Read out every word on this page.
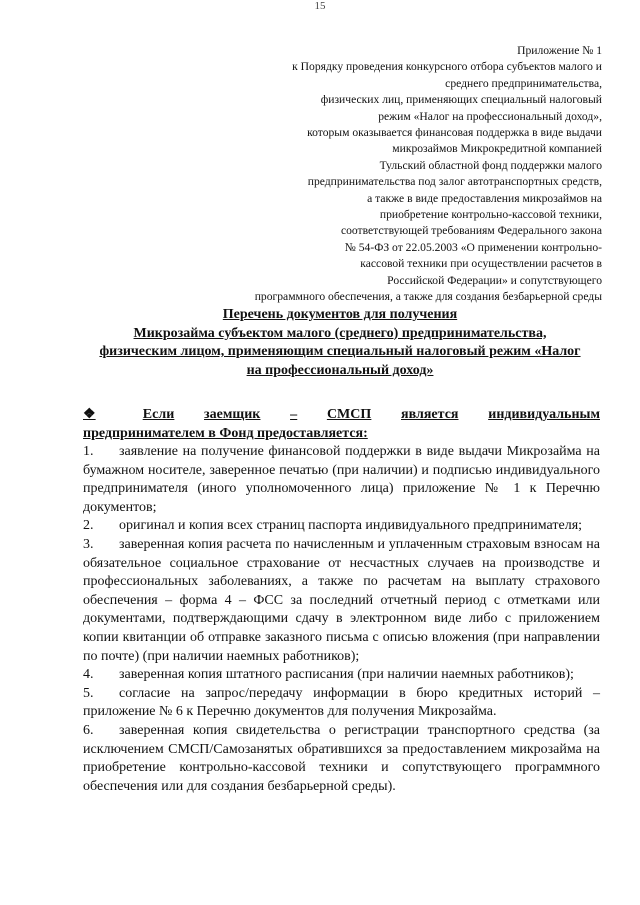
15
Приложение № 1
к Порядку проведения конкурсного отбора субъектов малого и
среднего предпринимательства,
физических лиц, применяющих специальный налоговый
режим «Налог на профессиональный доход»,
которым оказывается финансовая поддержка в виде выдачи
микрозаймов Микрокредитной компанией
Тульский областной фонд поддержки малого
предпринимательства под залог автотранспортных средств,
а также в виде предоставления микрозаймов на
приобретение контрольно-кассовой техники,
соответствующей требованиям Федерального закона
№ 54-ФЗ от 22.05.2003 «О применении контрольно-
кассовой техники при осуществлении расчетов в
Российской Федерации» и сопутствующего
программного обеспечения, а также для создания безбарьерной среды
Перечень документов для получения
Микрозайма субъектом малого (среднего) предпринимательства,
физическим лицом, применяющим специальный налоговый режим «Налог
на профессиональный доход»
❖	Если заемщик – СМСП является индивидуальным
предпринимателем в Фонд предоставляется:

1. заявление на получение финансовой поддержки в виде выдачи Микрозайма на бумажном носителе, заверенное печатью (при наличии) и подписью индивидуального предпринимателя (иного уполномоченного лица) приложение № 1 к Перечню документов;

2. оригинал и копия всех страниц паспорта индивидуального предпринимателя;

3. заверенная копия расчета по начисленным и уплаченным страховым взносам на обязательное социальное страхование от несчастных случаев на производстве и профессиональных заболеваниях, а также по расчетам на выплату страхового обеспечения – форма 4 – ФСС за последний отчетный период с отметками или документами, подтверждающими сдачу в электронном виде либо с приложением копии квитанции об отправке заказного письма с описью вложения (при направлении по почте) (при наличии наемных работников);

4. заверенная копия штатного расписания (при наличии наемных работников);

5. согласие на запрос/передачу информации в бюро кредитных историй – приложение № 6 к Перечню документов для получения Микрозайма.

6. заверенная копия свидетельства о регистрации транспортного средства (за исключением СМСП/Самозанятых обратившихся за предоставлением микрозайма на приобретение контрольно-кассовой техники и сопутствующего программного обеспечения или для создания безбарьерной среды).
